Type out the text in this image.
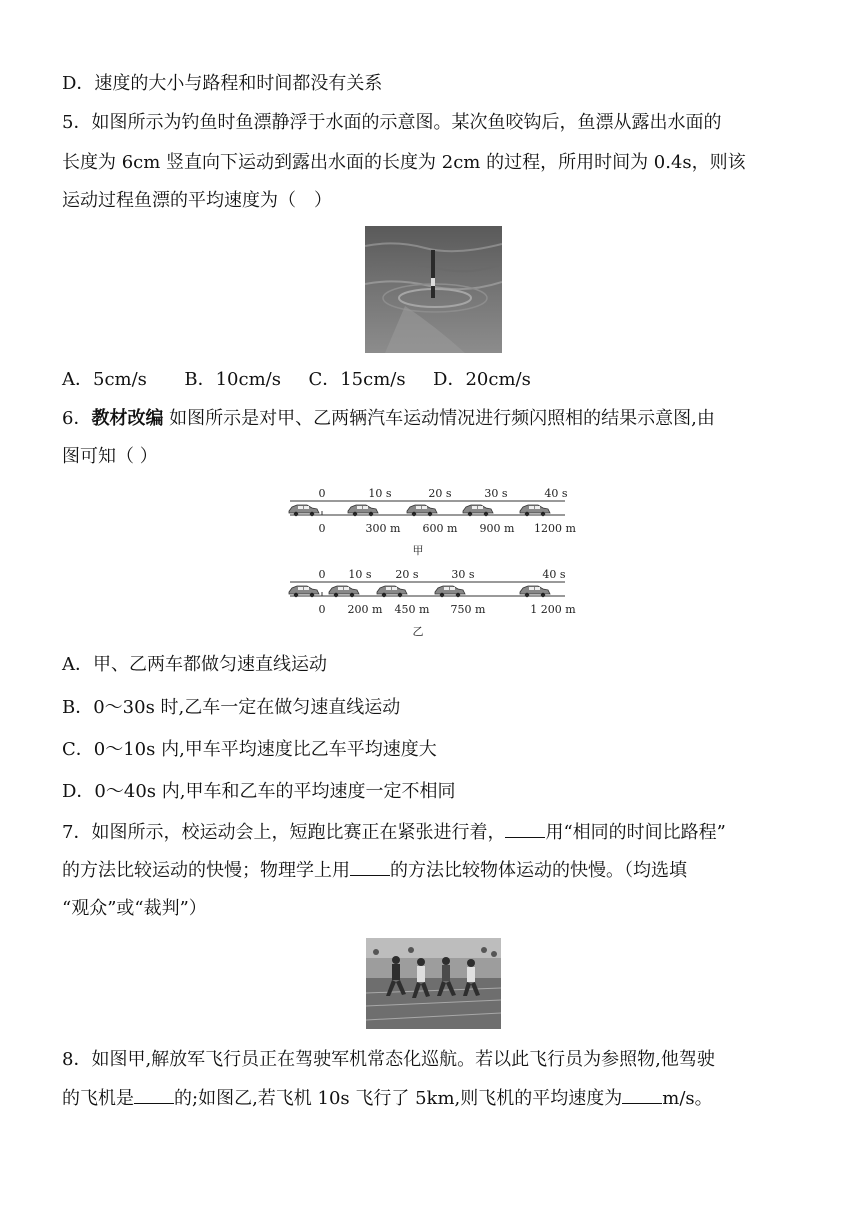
D．速度的大小与路程和时间都没有关系
5．如图所示为钓鱼时鱼漂静浮于水面的示意图。某次鱼咬钩后，鱼漂从露出水面的
长度为 6cm 竖直向下运动到露出水面的长度为 2cm 的过程，所用时间为 0.4s，则该
运动过程鱼漂的平均速度为（　）
A．5cm/s B．10cm/s C．15cm/s D．20cm/s
6．教材改编 如图所示是对甲、乙两辆汽车运动情况进行频闪照相的结果示意图,由
图可知（ ）
0	10 s	20 s	30 s	40 s
0	300 m 600 m 900 m 1200 m
甲
0 10 s 20 s	30 s	40 s
0 200 m 450 m 750 m	1 200 m
乙
A．甲、乙两车都做匀速直线运动
B．0～30s 时,乙车一定在做匀速直线运动
C．0～10s 内,甲车平均速度比乙车平均速度大
D．0～40s 内,甲车和乙车的平均速度一定不相同
7．如图所示，校运动会上，短跑比赛正在紧张进行着， 用“相同的时间比路程”
的方法比较运动的快慢；物理学上用 的方法比较物体运动的快慢。（均选填
“观众”或“裁判”）
8．如图甲,解放军飞行员正在驾驶军机常态化巡航。若以此飞行员为参照物,他驾驶
的飞机是 的;如图乙,若飞机 10s 飞行了 5km,则飞机的平均速度为 m/s。
